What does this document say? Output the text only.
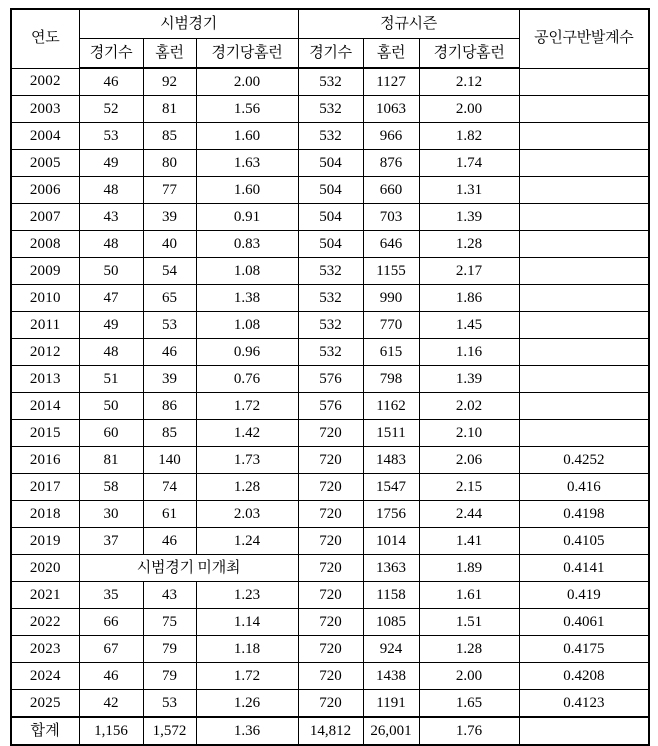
연도	시범경기			정규시즌			공인구반발계수
	경기수	홈런	경기당홈런	경기수	홈런	경기당홈런	
2002	46	92	2.00	532	1127	2.12	
2003	52	81	1.56	532	1063	2.00	
2004	53	85	1.60	532	966	1.82	
2005	49	80	1.63	504	876	1.74	
2006	48	77	1.60	504	660	1.31	
2007	43	39	0.91	504	703	1.39	
2008	48	40	0.83	504	646	1.28	
2009	50	54	1.08	532	1155	2.17	
2010	47	65	1.38	532	990	1.86	
2011	49	53	1.08	532	770	1.45	
2012	48	46	0.96	532	615	1.16	
2013	51	39	0.76	576	798	1.39	
2014	50	86	1.72	576	1162	2.02	
2015	60	85	1.42	720	1511	2.10	
2016	81	140	1.73	720	1483	2.06	0.4252
2017	58	74	1.28	720	1547	2.15	0.416
2018	30	61	2.03	720	1756	2.44	0.4198
2019	37	46	1.24	720	1014	1.41	0.4105
2020	시범경기 미개최			720	1363	1.89	0.4141
2021	35	43	1.23	720	1158	1.61	0.419
2022	66	75	1.14	720	1085	1.51	0.4061
2023	67	79	1.18	720	924	1.28	0.4175
2024	46	79	1.72	720	1438	2.00	0.4208
2025	42	53	1.26	720	1191	1.65	0.4123
합계	1,156	1,572	1.36	14,812	26,001	1.76	
